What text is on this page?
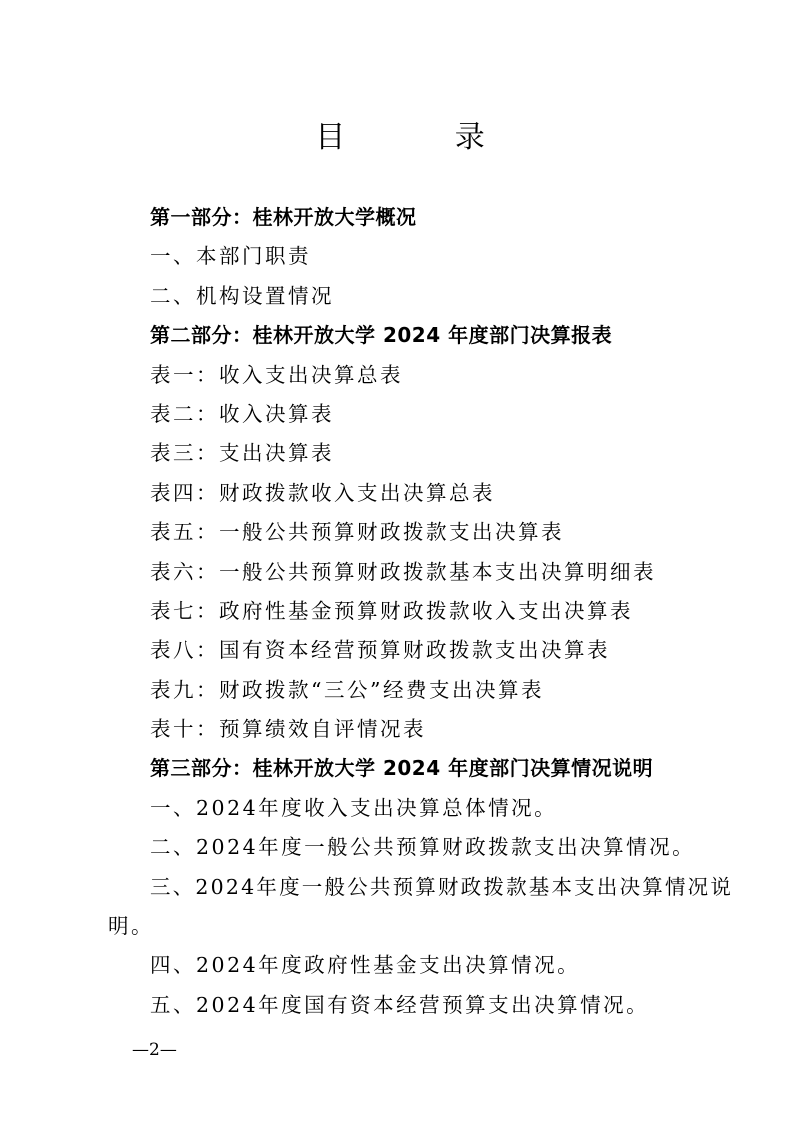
目 录
第一部分：桂林开放大学概况
一、本部门职责
二、机构设置情况
第二部分：桂林开放大学 2024 年度部门决算报表
表一：收入支出决算总表
表二：收入决算表
表三：支出决算表
表四：财政拨款收入支出决算总表
表五：一般公共预算财政拨款支出决算表
表六：一般公共预算财政拨款基本支出决算明细表
表七：政府性基金预算财政拨款收入支出决算表
表八：国有资本经营预算财政拨款支出决算表
表九：财政拨款“三公”经费支出决算表
表十：预算绩效自评情况表
第三部分：桂林开放大学 2024 年度部门决算情况说明
一、2024年度收入支出决算总体情况。
二、2024年度一般公共预算财政拨款支出决算情况。
三、2024年度一般公共预算财政拨款基本支出决算情况说
明。
四、2024年度政府性基金支出决算情况。
五、2024年度国有资本经营预算支出决算情况。
—2—
